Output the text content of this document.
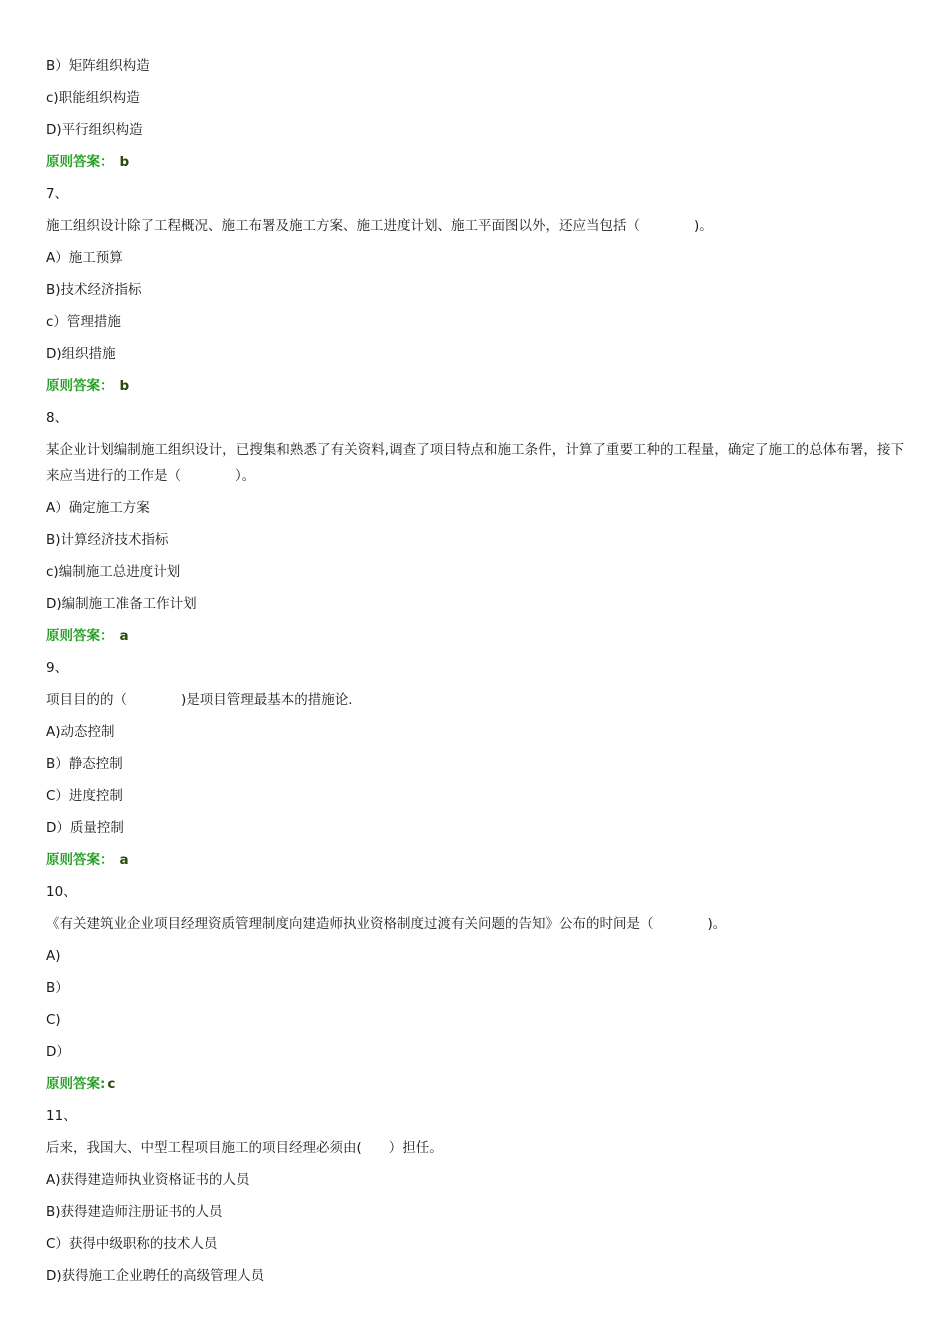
B）矩阵组织构造
c)职能组织构造
D)平行组织构造
原则答案： b
7、
施工组织设计除了工程概况、施工布署及施工方案、施工进度计划、施工平面图以外，还应当包括（　　　　)。
A）施工预算
B)技术经济指标
c）管理措施
D)组织措施
原则答案： b
8、
某企业计划编制施工组织设计，已搜集和熟悉了有关资料,调查了项目特点和施工条件，计算了重要工种的工程量，确定了施工的总体布署，接下来应当进行的工作是（　　　　）。
A）确定施工方案
B)计算经济技术指标
c)编制施工总进度计划
D)编制施工准备工作计划
原则答案： a
9、
项目目的的（　　　　)是项目管理最基本的措施论.
A)动态控制
B）静态控制
C）进度控制
D）质量控制
原则答案： a
10、
《有关建筑业企业项目经理资质管理制度向建造师执业资格制度过渡有关问题的告知》公布的时间是（　　　　)。
A)
B）
C)
D）
原则答案: c
11、
后来，我国大、中型工程项目施工的项目经理必须由(　　）担任。
A)获得建造师执业资格证书的人员
B)获得建造师注册证书的人员
C）获得中级职称的技术人员
D)获得施工企业聘任的高级管理人员
